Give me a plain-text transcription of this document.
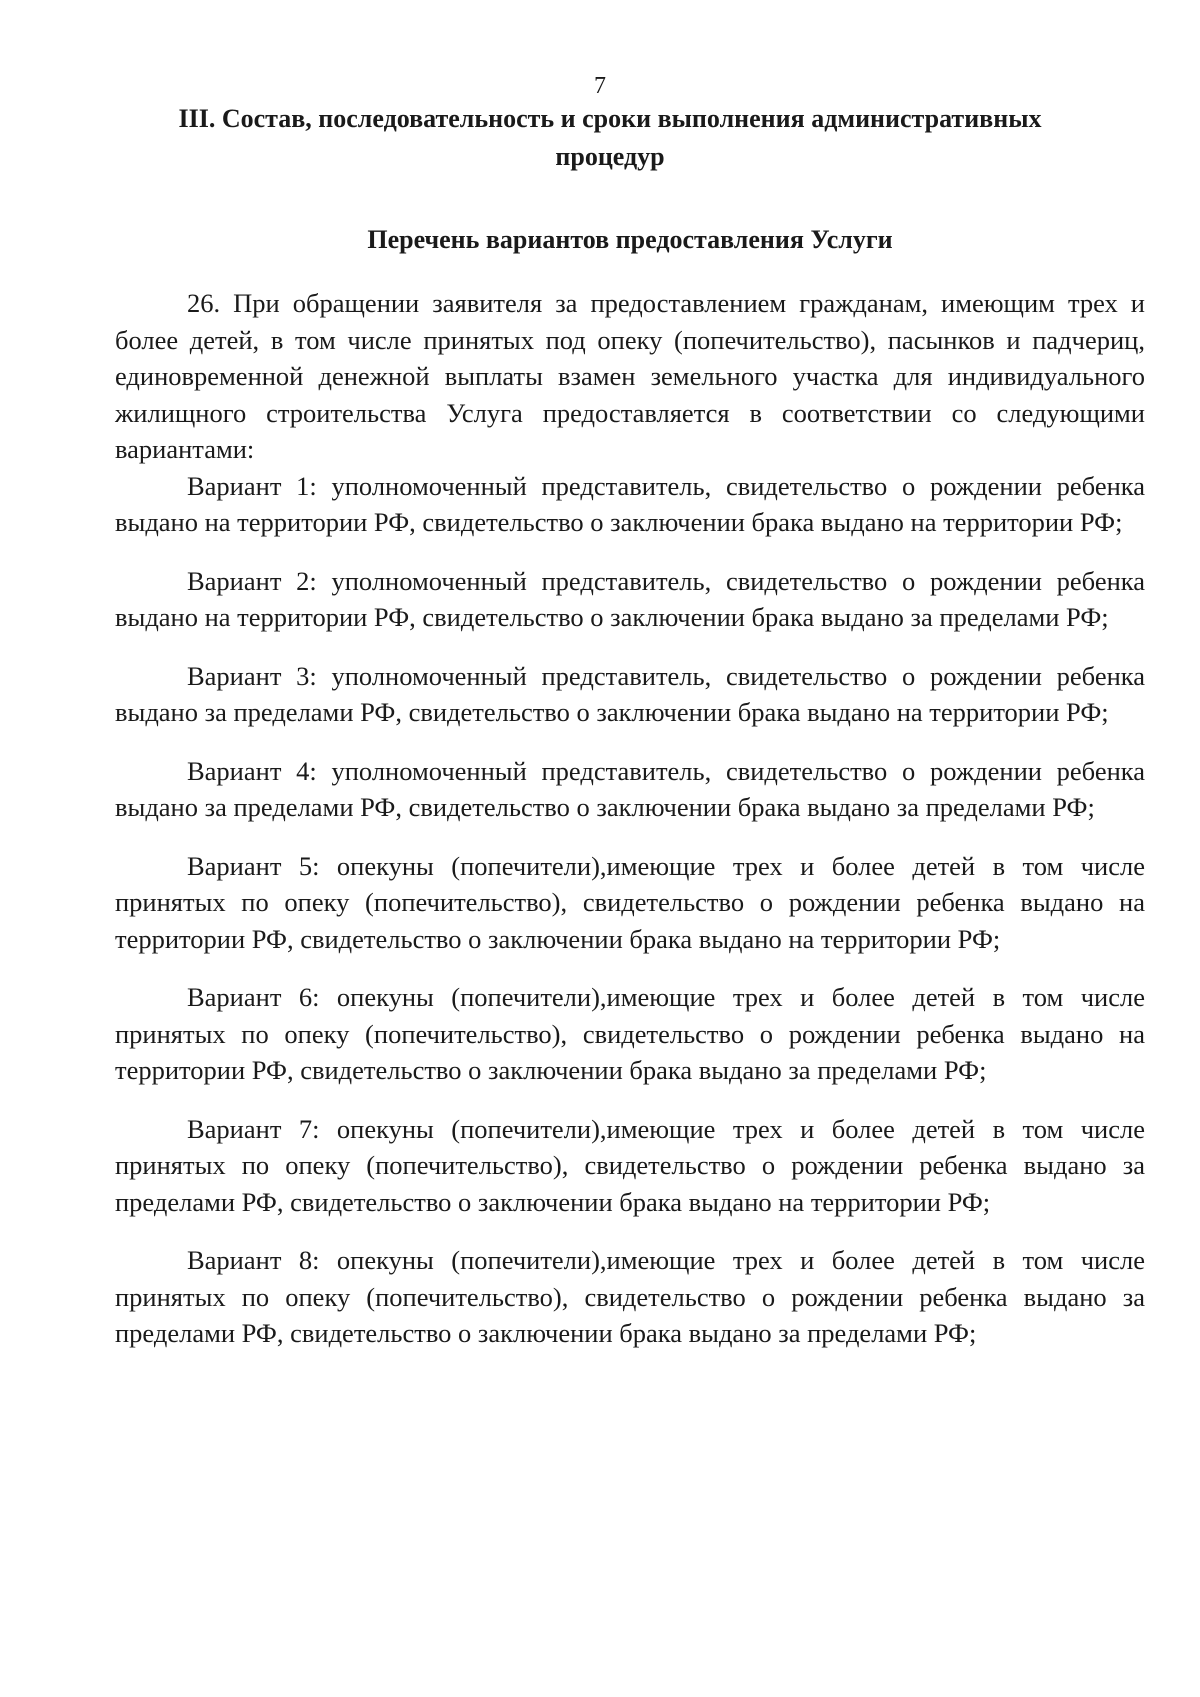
7
III. Состав, последовательность и сроки выполнения административных процедур
Перечень вариантов предоставления Услуги

26. При обращении заявителя за предоставлением гражданам, имеющим трех и более детей, в том числе принятых под опеку (попечительство), пасынков и падчериц, единовременной денежной выплаты взамен земельного участка для индивидуального жилищного строительства Услуга предоставляется в соответствии со следующими вариантами:

Вариант 1: уполномоченный представитель, свидетельство о рождении ребенка выдано на территории РФ, свидетельство о заключении брака выдано на территории РФ;

Вариант 2: уполномоченный представитель, свидетельство о рождении ребенка выдано на территории РФ, свидетельство о заключении брака выдано за пределами РФ;

Вариант 3: уполномоченный представитель, свидетельство о рождении ребенка выдано за пределами РФ, свидетельство о заключении брака выдано на территории РФ;

Вариант 4: уполномоченный представитель, свидетельство о рождении ребенка выдано за пределами РФ, свидетельство о заключении брака выдано за пределами РФ;

Вариант 5: опекуны (попечители),имеющие трех и более детей в том числе принятых по опеку (попечительство), свидетельство о рождении ребенка выдано на территории РФ, свидетельство о заключении брака выдано на территории РФ;

Вариант 6: опекуны (попечители),имеющие трех и более детей в том числе принятых по опеку (попечительство), свидетельство о рождении ребенка выдано на территории РФ, свидетельство о заключении брака выдано за пределами РФ;

Вариант 7: опекуны (попечители),имеющие трех и более детей в том числе принятых по опеку (попечительство), свидетельство о рождении ребенка выдано за пределами РФ, свидетельство о заключении брака выдано на территории РФ;

Вариант 8: опекуны (попечители),имеющие трех и более детей в том числе принятых по опеку (попечительство), свидетельство о рождении ребенка выдано за пределами РФ, свидетельство о заключении брака выдано за пределами РФ;
